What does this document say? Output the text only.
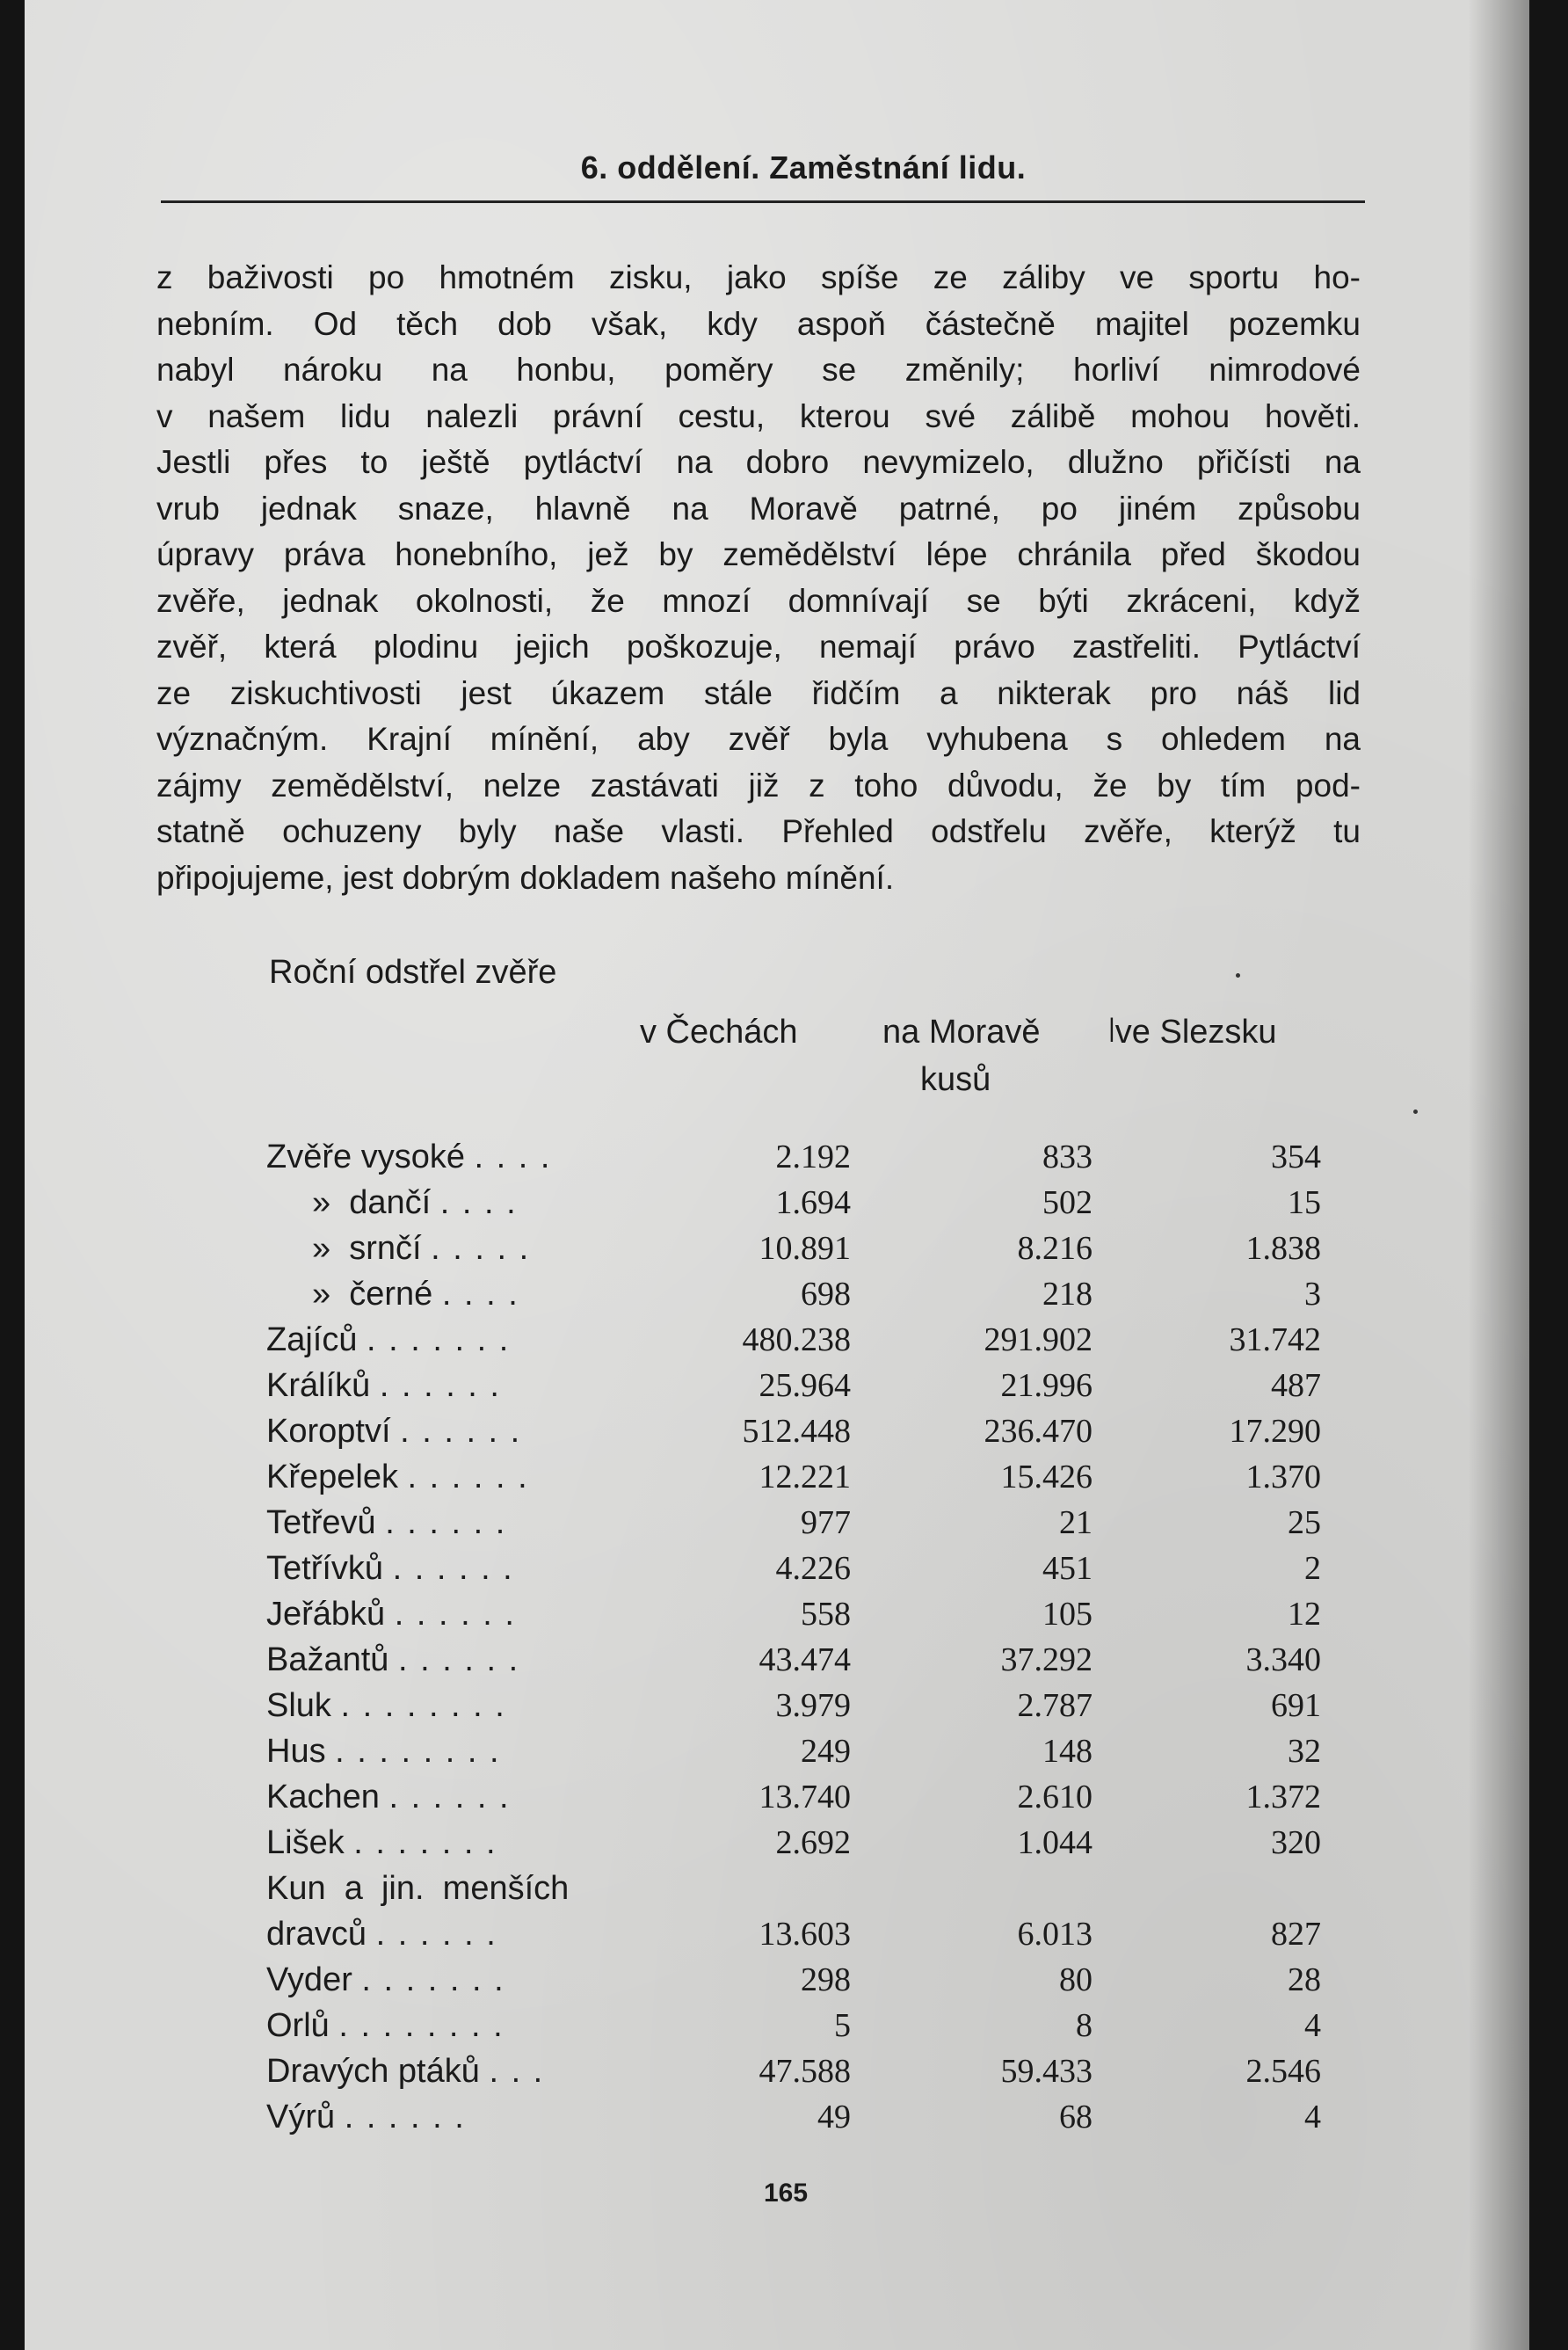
6. oddělení. Zaměstnání lidu.
z baživosti po hmotném zisku, jako spíše ze záliby ve sportu ho-
nebním. Od těch dob však, kdy aspoň částečně majitel pozemku
nabyl nároku na honbu, poměry se změnily; horliví nimrodové
v našem lidu nalezli právní cestu, kterou své zálibě mohou hověti.
Jestli přes to ještě pytláctví na dobro nevymizelo, dlužno přičísti na
vrub jednak snaze, hlavně na Moravě patrné, po jiném způsobu
úpravy práva honebního, jež by zemědělství lépe chránila před škodou
zvěře, jednak okolnosti, že mnozí domnívají se býti zkráceni, když
zvěř, která plodinu jejich poškozuje, nemají právo zastřeliti. Pytláctví
ze ziskuchtivosti jest úkazem stále řidčím a nikterak pro náš lid
význačným. Krajní mínění, aby zvěř byla vyhubena s ohledem na
zájmy zemědělství, nelze zastávati již z toho důvodu, že by tím pod-
statně ochuzeny byly naše vlasti. Přehled odstřelu zvěře, kterýž tu
připojujeme, jest dobrým dokladem našeho mínění.
Roční odstřel zvěře
v Čechách	na Moravě	|ve Slezsku
kusů
Zvěře vysoké . . . .	2.192	833	354
»  dančí . . . .	1.694	502	15
»  srnčí . . . . .	10.891	8.216	1.838
»  černé . . . .	698	218	3
Zajíců . . . . . . .	480.238	291.902	31.742
Králíků . . . . . .	25.964	21.996	487
Koroptví . . . . . .	512.448	236.470	17.290
Křepelek . . . . . .	12.221	15.426	1.370
Tetřevů . . . . . .	977	21	25
Tetřívků . . . . . .	4.226	451	2
Jeřábků . . . . . .	558	105	12
Bažantů . . . . . .	43.474	37.292	3.340
Sluk . . . . . . . .	3.979	2.787	691
Hus . . . . . . . .	249	148	32
Kachen . . . . . .	13.740	2.610	1.372
Lišek . . . . . . .	2.692	1.044	320
Kun  a  jin.  menších
dravců . . . . . .	13.603	6.013	827
Vyder . . . . . . .	298	80	28
Orlů . . . . . . . .	5	8	4
Dravých ptáků . . .	47.588	59.433	2.546
Výrů . . . . . .	49	68	4
165
